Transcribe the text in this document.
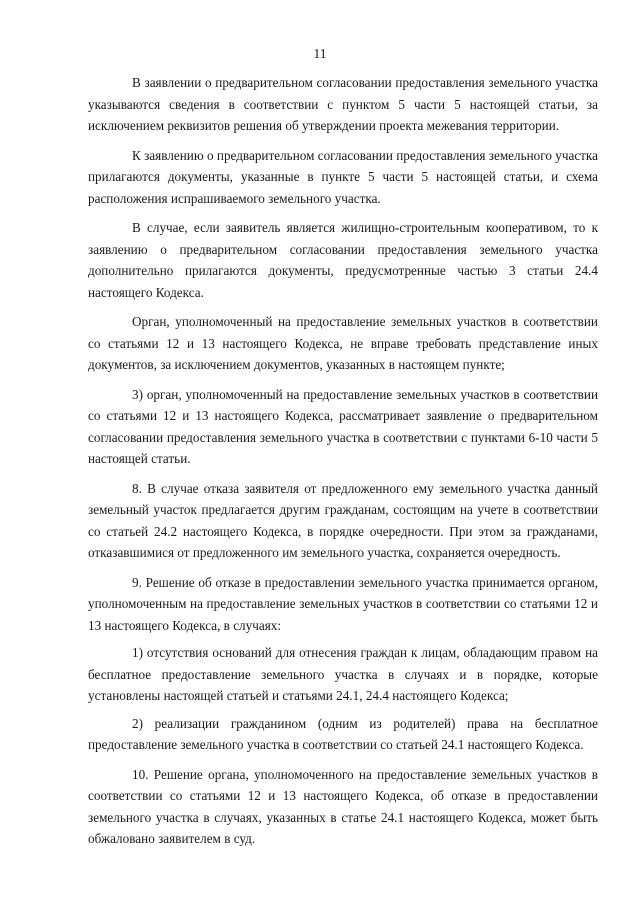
11

В заявлении о предварительном согласовании предоставления земельного участка указываются сведения в соответствии с пунктом 5 части 5 настоящей статьи, за исключением реквизитов решения об утверждении проекта межевания территории.

К заявлению о предварительном согласовании предоставления земельного участка прилагаются документы, указанные в пункте 5 части 5 настоящей статьи, и схема расположения испрашиваемого земельного участка.

В случае, если заявитель является жилищно-строительным кооперативом, то к заявлению о предварительном согласовании предоставления земельного участка дополнительно прилагаются документы, предусмотренные частью 3 статьи 24.4 настоящего Кодекса.

Орган, уполномоченный на предоставление земельных участков в соответствии со статьями 12 и 13 настоящего Кодекса, не вправе требовать представление иных документов, за исключением документов, указанных в настоящем пункте;

3) орган, уполномоченный на предоставление земельных участков в соответствии со статьями 12 и 13 настоящего Кодекса, рассматривает заявление о предварительном согласовании предоставления земельного участка в соответствии с пунктами 6-10 части 5 настоящей статьи.

8. В случае отказа заявителя от предложенного ему земельного участка данный земельный участок предлагается другим гражданам, состоящим на учете в соответствии со статьей 24.2 настоящего Кодекса, в порядке очередности. При этом за гражданами, отказавшимися от предложенного им земельного участка, сохраняется очередность.

9. Решение об отказе в предоставлении земельного участка принимается органом, уполномоченным на предоставление земельных участков в соответствии со статьями 12 и 13 настоящего Кодекса, в случаях:

1) отсутствия оснований для отнесения граждан к лицам, обладающим правом на бесплатное предоставление земельного участка в случаях и в порядке, которые установлены настоящей статьей и статьями 24.1, 24.4 настоящего Кодекса;

2) реализации гражданином (одним из родителей) права на бесплатное предоставление земельного участка в соответствии со статьей 24.1 настоящего Кодекса.

10. Решение органа, уполномоченного на предоставление земельных участков в соответствии со статьями 12 и 13 настоящего Кодекса, об отказе в предоставлении земельного участка в случаях, указанных в статье 24.1 настоящего Кодекса, может быть обжаловано заявителем в суд.
